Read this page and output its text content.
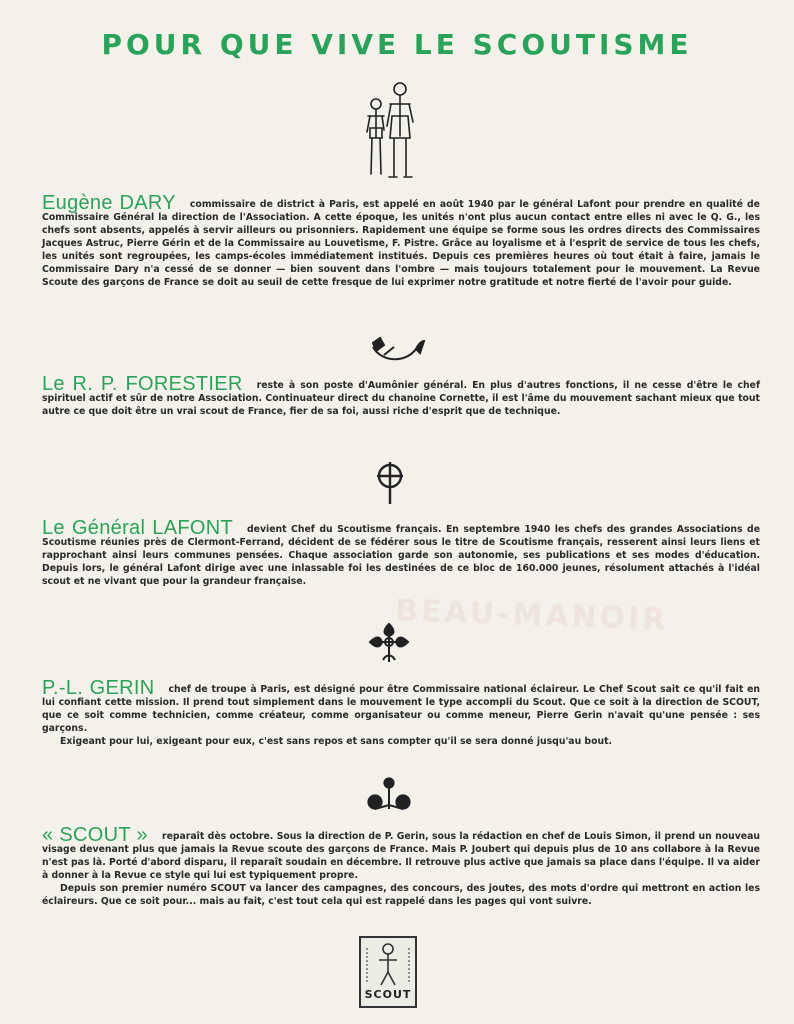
POUR QUE VIVE LE SCOUTISME
Eugène DARY commissaire de district à Paris, est appelé en août 1940 par le général Lafont pour prendre en qualité de Commissaire Général la direction de l'Association. A cette époque, les unités n'ont plus aucun contact entre elles ni avec le Q. G., les chefs sont absents, appelés à servir ailleurs ou prisonniers. Rapidement une équipe se forme sous les ordres directs des Commissaires Jacques Astruc, Pierre Gérin et de la Commissaire au Louvetisme, F. Pistre. Grâce au loyalisme et à l'esprit de service de tous les chefs, les unités sont regroupées, les camps-écoles immédiatement institués. Depuis ces premières heures où tout était à faire, jamais le Commissaire Dary n'a cessé de se donner — bien souvent dans l'ombre — mais toujours totalement pour le mouvement. La Revue Scoute des garçons de France se doit au seuil de cette fresque de lui exprimer notre gratitude et notre fierté de l'avoir pour guide.
Le R. P. FORESTIER reste à son poste d'Aumônier général. En plus d'autres fonctions, il ne cesse d'être le chef spirituel actif et sûr de notre Association. Continuateur direct du chanoine Cornette, il est l'âme du mouvement sachant mieux que tout autre ce que doit être un vrai scout de France, fier de sa foi, aussi riche d'esprit que de technique.
Le Général LAFONT devient Chef du Scoutisme français. En septembre 1940 les chefs des grandes Associations de Scoutisme réunies près de Clermont-Ferrand, décident de se fédérer sous le titre de Scoutisme français, resserent ainsi leurs liens et rapprochant ainsi leurs communes pensées. Chaque association garde son autonomie, ses publications et ses modes d'éducation. Depuis lors, le général Lafont dirige avec une inlassable foi les destinées de ce bloc de 160.000 jeunes, résolument attachés à l'idéal scout et ne vivant que pour la grandeur française.
BEAU-MANOIR
P.-L. GERIN chef de troupe à Paris, est désigné pour être Commissaire national éclaireur. Le Chef Scout sait ce qu'il fait en lui confiant cette mission. Il prend tout simplement dans le mouvement le type accompli du Scout. Que ce soit à la direction de SCOUT, que ce soit comme technicien, comme créateur, comme organisateur ou comme meneur, Pierre Gerin n'avait qu'une pensée : ses garçons.
Exigeant pour lui, exigeant pour eux, c'est sans repos et sans compter qu'il se sera donné jusqu'au bout.
« SCOUT » reparaît dès octobre. Sous la direction de P. Gerin, sous la rédaction en chef de Louis Simon, il prend un nouveau visage devenant plus que jamais la Revue scoute des garçons de France. Mais P. Joubert qui depuis plus de 10 ans collabore à la Revue n'est pas là. Porté d'abord disparu, il reparaît soudain en décembre. Il retrouve plus active que jamais sa place dans l'équipe. Il va aider à donner à la Revue ce style qui lui est typiquement propre.
Depuis son premier numéro SCOUT va lancer des campagnes, des concours, des joutes, des mots d'ordre qui mettront en action les éclaireurs. Que ce soit pour... mais au fait, c'est tout cela qui est rappelé dans les pages qui vont suivre.
SCOUT
